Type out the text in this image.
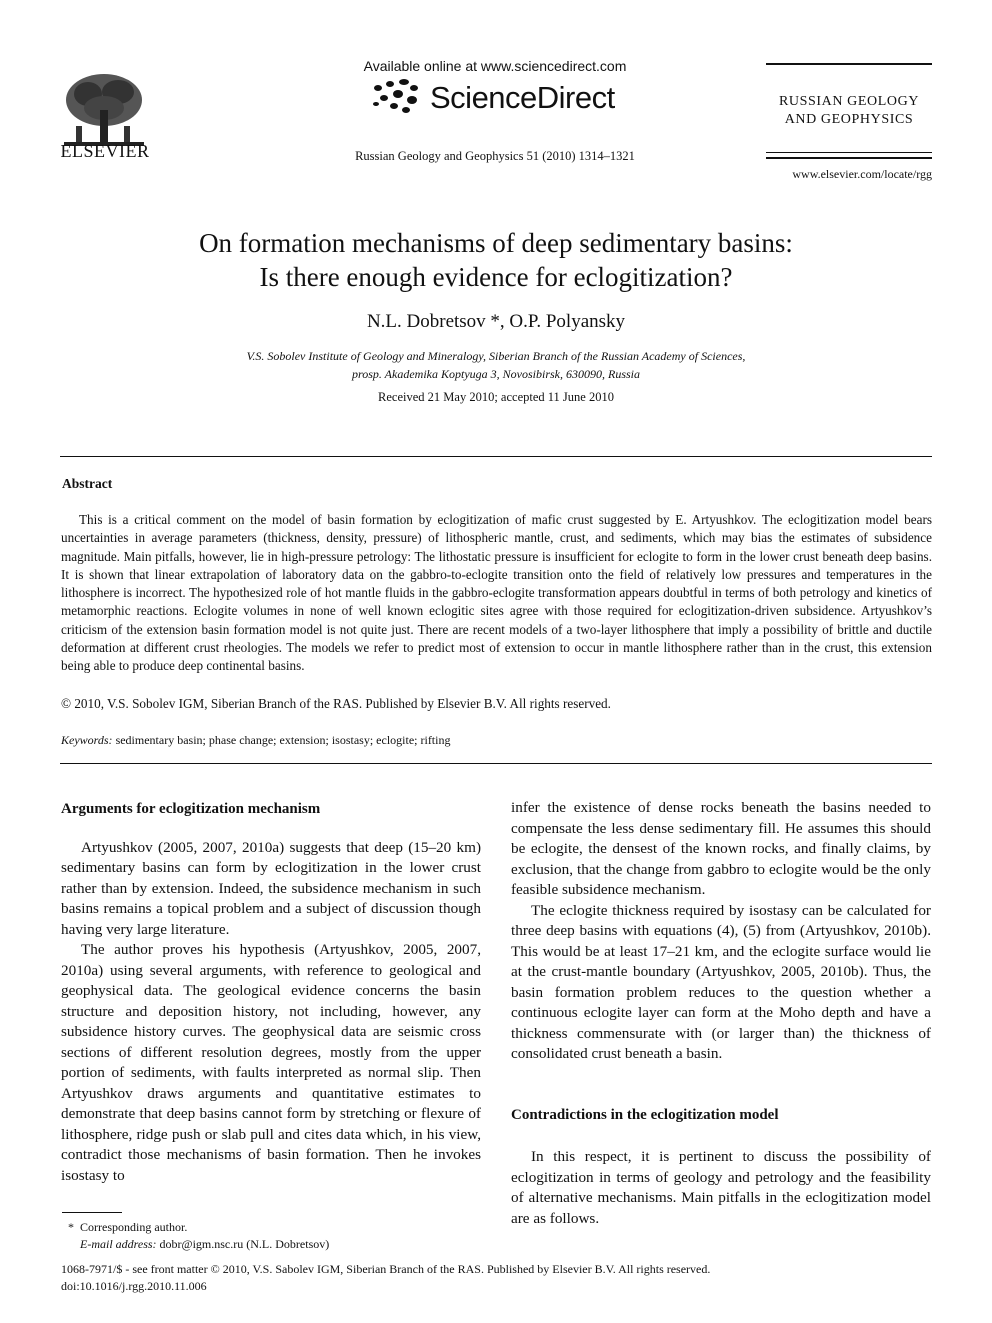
ELSEVIER
Available online at www.sciencedirect.com
ScienceDirect
Russian Geology and Geophysics 51 (2010) 1314–1321
RUSSIAN GEOLOGY
AND GEOPHYSICS
www.elsevier.com/locate/rgg
On formation mechanisms of deep sedimentary basins:
Is there enough evidence for eclogitization?
N.L. Dobretsov *, O.P. Polyansky
V.S. Sobolev Institute of Geology and Mineralogy, Siberian Branch of the Russian Academy of Sciences,
prosp. Akademika Koptyuga 3, Novosibirsk, 630090, Russia
Received 21 May 2010; accepted 11 June 2010
Abstract

This is a critical comment on the model of basin formation by eclogitization of mafic crust suggested by E. Artyushkov. The eclogitization model bears uncertainties in average parameters (thickness, density, pressure) of lithospheric mantle, crust, and sediments, which may bias the estimates of subsidence magnitude. Main pitfalls, however, lie in high-pressure petrology: The lithostatic pressure is insufficient for eclogite to form in the lower crust beneath deep basins. It is shown that linear extrapolation of laboratory data on the gabbro-to-eclogite transition onto the field of relatively low pressures and temperatures in the lithosphere is incorrect. The hypothesized role of hot mantle fluids in the gabbro-eclogite transformation appears doubtful in terms of both petrology and kinetics of metamorphic reactions. Eclogite volumes in none of well known eclogitic sites agree with those required for eclogitization-driven subsidence. Artyushkov’s criticism of the extension basin formation model is not quite just. There are recent models of a two-layer lithosphere that imply a possibility of brittle and ductile deformation at different crust rheologies. The models we refer to predict most of extension to occur in mantle lithosphere rather than in the crust, this extension being able to produce deep continental basins.

© 2010, V.S. Sobolev IGM, Siberian Branch of the RAS. Published by Elsevier B.V. All rights reserved.
Keywords: sedimentary basin; phase change; extension; isostasy; eclogite; rifting
Arguments for eclogitization mechanism

Artyushkov (2005, 2007, 2010a) suggests that deep (15–20 km) sedimentary basins can form by eclogitization in the lower crust rather than by extension. Indeed, the subsidence mechanism in such basins remains a topical problem and a subject of discussion though having very large literature.

The author proves his hypothesis (Artyushkov, 2005, 2007, 2010a) using several arguments, with reference to geological and geophysical data. The geological evidence concerns the basin structure and deposition history, not including, however, any subsidence history curves. The geophysical data are seismic cross sections of different resolution degrees, mostly from the upper portion of sediments, with faults interpreted as normal slip. Then Artyushkov draws arguments and quantitative estimates to demonstrate that deep basins cannot form by stretching or flexure of lithosphere, ridge push or slab pull and cites data which, in his view, contradict those mechanisms of basin formation. Then he invokes isostasy to

infer the existence of dense rocks beneath the basins needed to compensate the less dense sedimentary fill. He assumes this should be eclogite, the densest of the known rocks, and finally claims, by exclusion, that the change from gabbro to eclogite would be the only feasible subsidence mechanism.

The eclogite thickness required by isostasy can be calculated for three deep basins with equations (4), (5) from (Artyushkov, 2010b). This would be at least 17–21 km, and the eclogite surface would lie at the crust-mantle boundary (Artyushkov, 2005, 2010b). Thus, the basin formation problem reduces to the question whether a continuous eclogite layer can form at the Moho depth and have a thickness commensurate with (or larger than) the thickness of consolidated crust beneath a basin.

Contradictions in the eclogitization model

In this respect, it is pertinent to discuss the possibility of eclogitization in terms of geology and petrology and the feasibility of alternative mechanisms. Main pitfalls in the eclogitization model are as follows.

* Corresponding author.
E-mail address: dobr@igm.nsc.ru (N.L. Dobretsov)
1068-7971/$ - see front matter © 2010, V.S. Sabolev IGM, Siberian Branch of the RAS. Published by Elsevier B.V. All rights reserved.
doi:10.1016/j.rgg.2010.11.006
